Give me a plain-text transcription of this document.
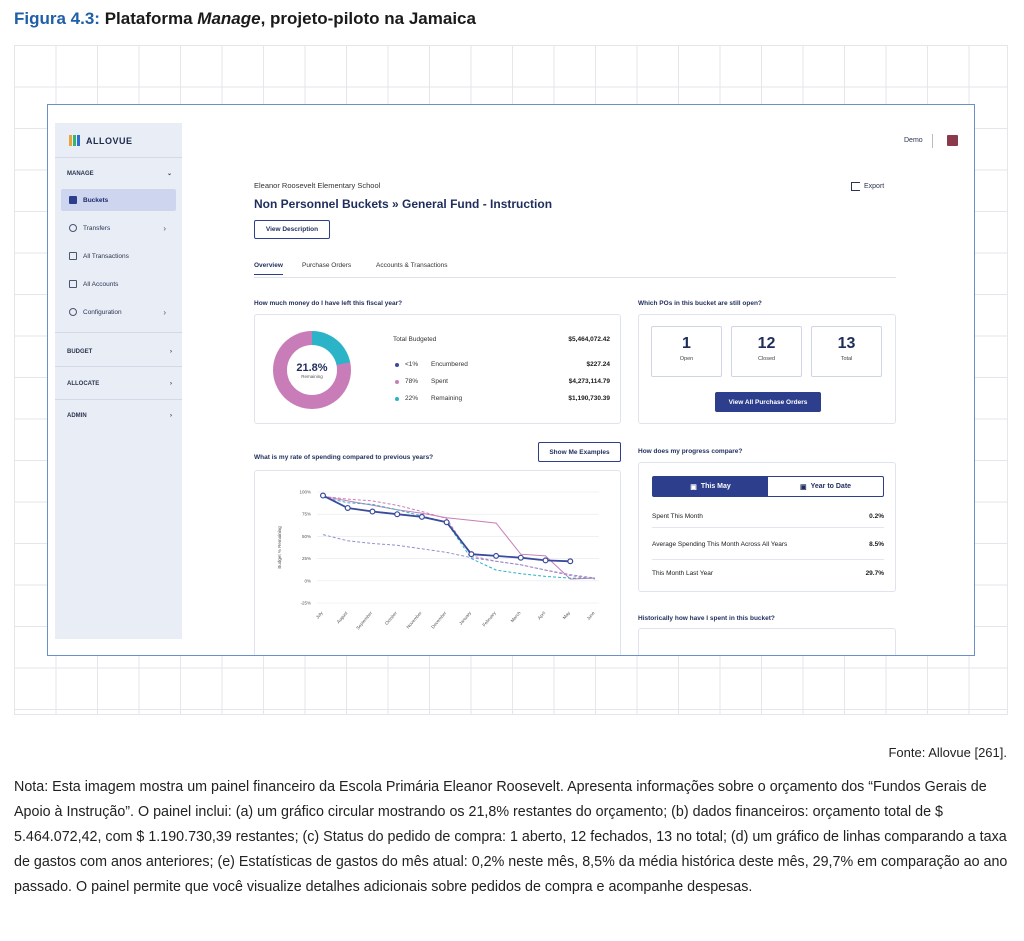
Figura 4.3: Plataforma Manage, projeto-piloto na Jamaica
ALLOVUE
MANAGE	⌄
Buckets
Transfers	›
All Transactions
All Accounts
Configuration	›
BUDGET	›
ALLOCATE	›
ADMIN	›
Demo
Eleanor Roosevelt Elementary School
Non Personnel Buckets » General Fund - Instruction
Export
View Description
Overview	Purchase Orders	Accounts & Transactions
How much money do I have left this fiscal year?
21.8%
Remaining
Total Budgeted	$5,464,072.42
<1% Encumbered	$227.24
78% Spent	$4,273,114.79
22% Remaining	$1,190,730.39
Which POs in this bucket are still open?
1
Open
12
Closed
13
Total
View All Purchase Orders
What is my rate of spending compared to previous years?
Show Me Examples
100%
75%
50%
25%
0%
-25%
Budget % Remaining
July	August September October November December January February	March	April	May	June
How does my progress compare?
▣ This May	▣ Year to Date
Spent This Month	0.2%
Average Spending This Month Across All Years	8.5%
This Month Last Year	29.7%
Historically how have I spent in this bucket?
Fonte: Allovue [261].
Nota: Esta imagem mostra um painel financeiro da Escola Primária Eleanor Roosevelt. Apresenta informações sobre o orçamento dos “Fundos Gerais de Apoio à Instrução”. O painel inclui: (a) um gráfico circular mostrando os 21,8% restantes do orçamento; (b) dados financeiros: orçamento total de $ 5.464.072,42, com $ 1.190.730,39 restantes; (c) Status do pedido de compra: 1 aberto, 12 fechados, 13 no total; (d) um gráfico de linhas comparando a taxa de gastos com anos anteriores; (e) Estatísticas de gastos do mês atual: 0,2% neste mês, 8,5% da média histórica deste mês, 29,7% em comparação ao ano passado. O painel permite que você visualize detalhes adicionais sobre pedidos de compra e acompanhe despesas.
